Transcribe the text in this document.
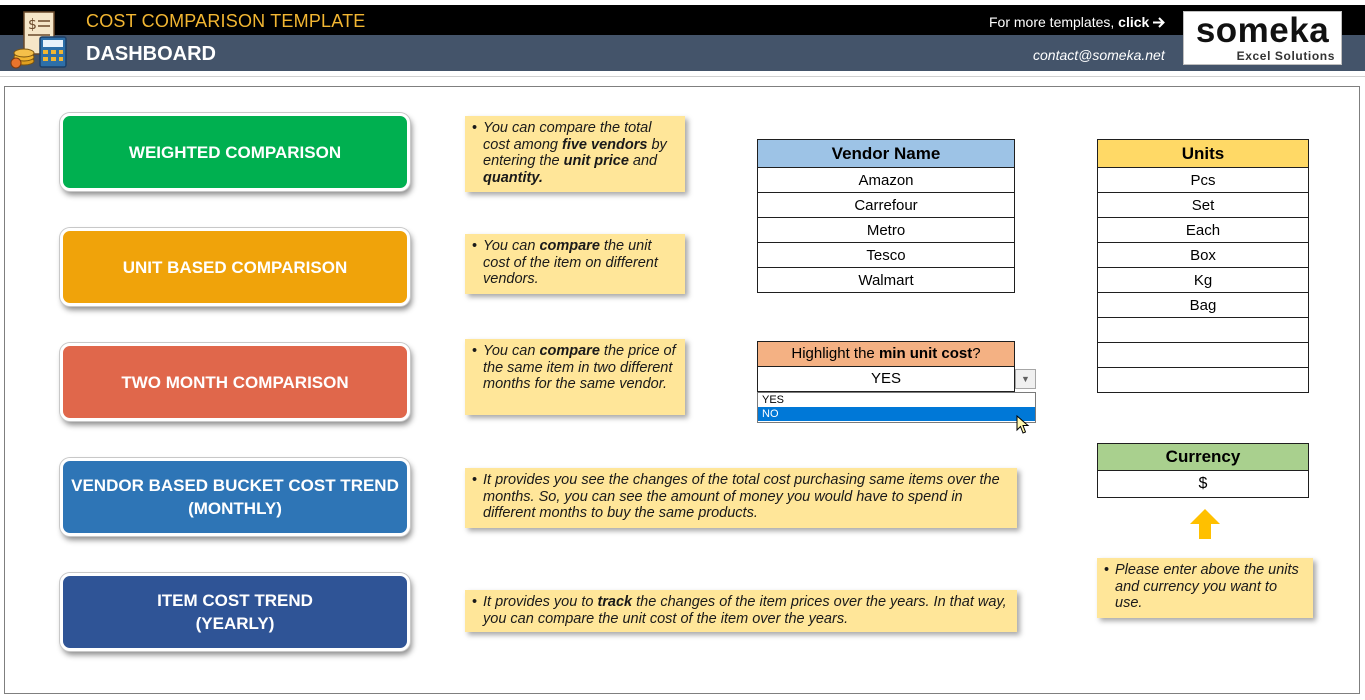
$	COST COMPARISON TEMPLATE
DASHBOARD
For more templates, click
contact@someka.net
someka
Excel Solutions
WEIGHTED COMPARISON
UNIT BASED COMPARISON
TWO MONTH COMPARISON
VENDOR BASED BUCKET COST TREND
(MONTHLY)
ITEM COST TREND
(YEARLY)
• You can compare the total cost among five vendors by entering the unit price and quantity.
• You can compare the unit cost of the item on different vendors.
• You can compare the price of the same item in two different months for the same vendor.
• It provides you see the changes of the total cost purchasing same items over the months. So, you can see the amount of money you would have to spend in different months to buy the same products.
• It provides you to track the changes of the item prices over the years. In that way, you can compare the unit cost of the item over the years.
• Please enter above the units and currency you want to use.
Vendor Name
Amazon
Carrefour
Metro
Tesco
Walmart
Units
Pcs
Set
Each
Box
Kg
Bag

Highlight the min unit cost?
YES	▼
YES
NO
Currency
$
